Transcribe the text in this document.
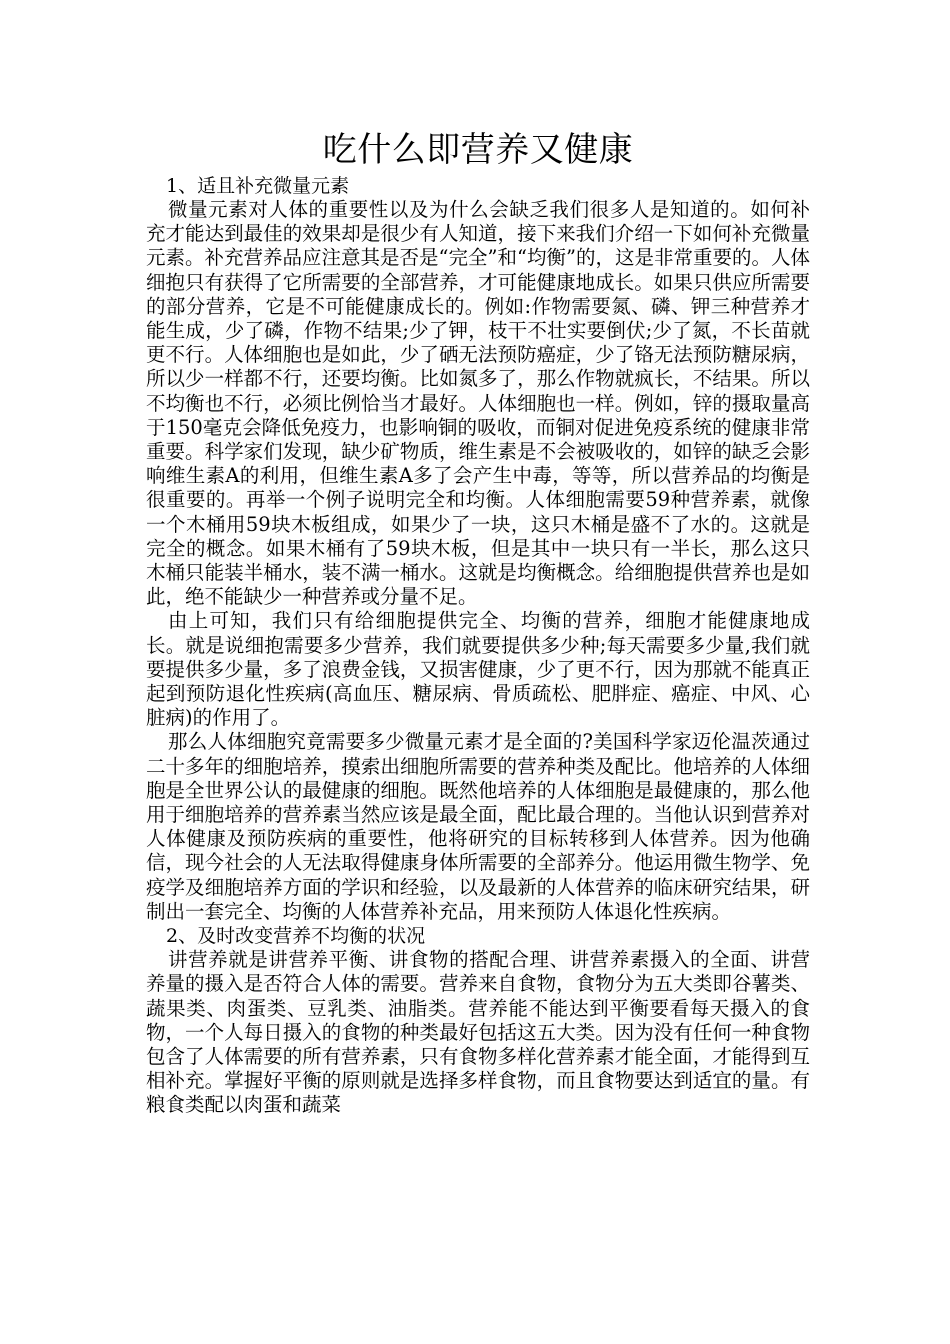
吃什么即营养又健康

1、适且补充微量元素

微量元素对人体的重要性以及为什么会缺乏我们很多人是知道的。如何补充才能达到最佳的效果却是很少有人知道，接下来我们介绍一下如何补充微量元素。补充营养品应注意其是否是“完全”和“均衡”的，这是非常重要的。人体细抱只有获得了它所需要的全部营养，才可能健康地成长。如果只供应所需要的部分营养，它是不可能健康成长的。例如:作物需要氮、磷、钾三种营养才能生成，少了磷，作物不结果;少了钾，枝干不壮实要倒伏;少了氮，不长苗就更不行。人体细胞也是如此，少了硒无法预防癌症，少了铬无法预防糖尿病，所以少一样都不行，还要均衡。比如氮多了，那么作物就疯长，不结果。所以不均衡也不行，必须比例恰当才最好。人体细胞也一样。例如，锌的摄取量高于150毫克会降低免疫力，也影响铜的吸收，而铜对促进免疫系统的健康非常重要。科学家们发现，缺少矿物质，维生素是不会被吸收的，如锌的缺乏会影响维生素A的利用，但维生素A多了会产生中毒，等等，所以营养品的均衡是很重要的。再举一个例子说明完全和均衡。人体细胞需要59种营养素，就像一个木桶用59块木板组成，如果少了一块，这只木桶是盛不了水的。这就是完全的概念。如果木桶有了59块木板，但是其中一块只有一半长，那么这只木桶只能装半桶水，装不满一桶水。这就是均衡概念。给细胞提供营养也是如此，绝不能缺少一种营养或分量不足。

由上可知，我们只有给细胞提供完全、均衡的营养，细胞才能健康地成长。就是说细抱需要多少营养，我们就要提供多少种;每天需要多少量,我们就要提供多少量，多了浪费金钱，又损害健康，少了更不行，因为那就不能真正起到预防退化性疾病(高血压、糖尿病、骨质疏松、肥胖症、癌症、中风、心脏病)的作用了。

那么人体细胞究竟需要多少微量元素才是全面的?美国科学家迈伦温茨通过二十多年的细胞培养，摸索出细胞所需要的营养种类及配比。他培养的人体细胞是全世界公认的最健康的细胞。既然他培养的人体细胞是最健康的，那么他用于细胞培养的营养素当然应该是最全面，配比最合理的。当他认识到营养对人体健康及预防疾病的重要性，他将研究的目标转移到人体营养。因为他确信，现今社会的人无法取得健康身体所需要的全部养分。他运用微生物学、免疫学及细胞培养方面的学识和经验，以及最新的人体营养的临床研究结果，研制出一套完全、均衡的人体营养补充品，用来预防人体退化性疾病。

2、及时改变营养不均衡的状况

讲营养就是讲营养平衡、讲食物的搭配合理、讲营养素摄入的全面、讲营养量的摄入是否符合人体的需要。营养来自食物，食物分为五大类即谷薯类、蔬果类、肉蛋类、豆乳类、油脂类。营养能不能达到平衡要看每天摄入的食物，一个人每日摄入的食物的种类最好包括这五大类。因为没有任何一种食物包含了人体需要的所有营养素，只有食物多样化营养素才能全面，才能得到互相补充。掌握好平衡的原则就是选择多样食物，而且食物要达到适宜的量。有粮食类配以肉蛋和蔬菜
